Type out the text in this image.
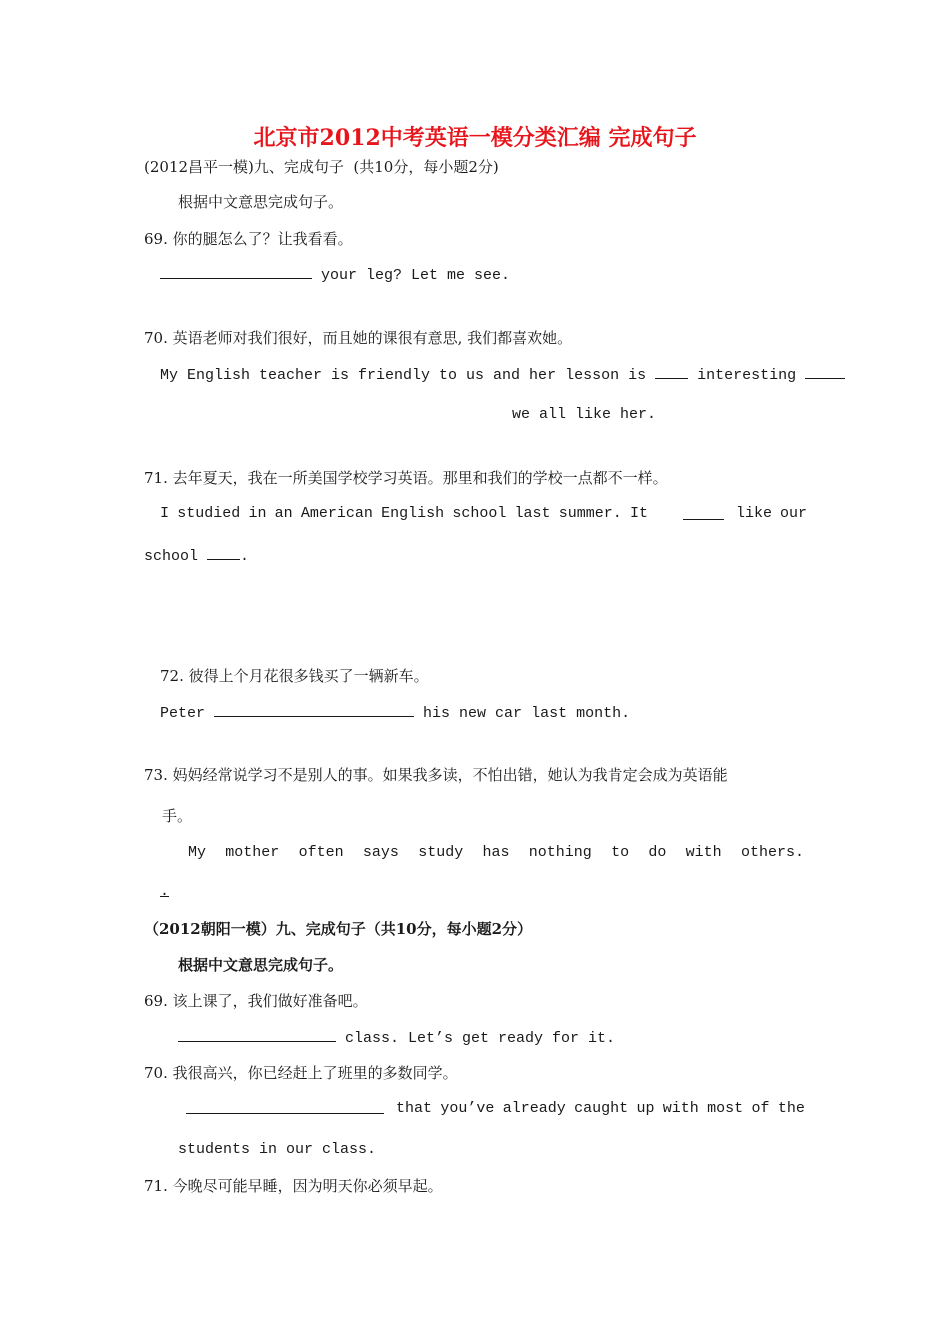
北京市2012中考英语一模分类汇编 完成句子
(2012昌平一模)九、完成句子  (共10分，每小题2分)
根据中文意思完成句子。
69. 你的腿怎么了？让我看看。
your leg? Let me see.
70. 英语老师对我们很好，而且她的课很有意思, 我们都喜欢她。
My English teacher is friendly to us and her lesson is	interesting
we all like her.
71. 去年夏天，我在一所美国学校学习英语。那里和我们的学校一点都不一样。
I studied in an American English school last summer. It	like our
school	.
72. 彼得上个月花很多钱买了一辆新车。
Peter	his new car last month.
73. 妈妈经常说学习不是别人的事。如果我多读，不怕出错，她认为我肯定会成为英语能
手。
My mother often says study has nothing to do with others.
.
（2012朝阳一模）九、完成句子（共10分，每小题2分）
根据中文意思完成句子。
69. 该上课了，我们做好准备吧。
class. Let’s get ready for it.
70. 我很高兴，你已经赶上了班里的多数同学。
that you’ve already caught up with most of the
students in our class.
71. 今晚尽可能早睡，因为明天你必须早起。
